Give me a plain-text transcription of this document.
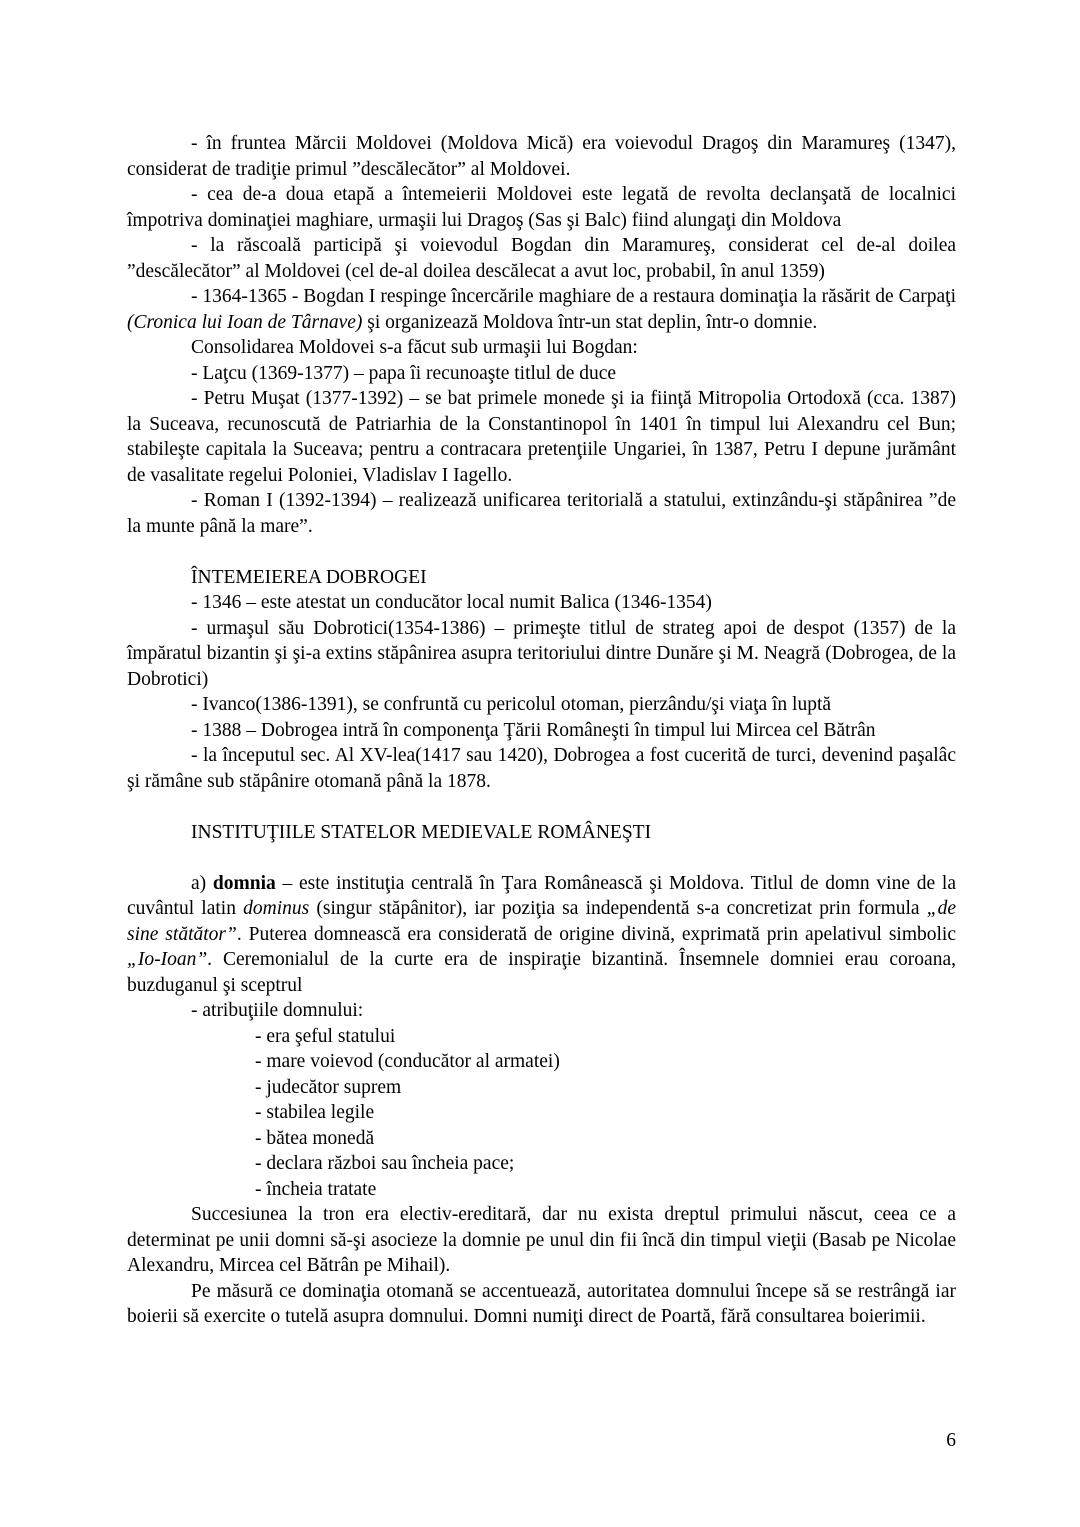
- în fruntea Mărcii Moldovei (Moldova Mică) era voievodul Dragoş din Maramureş (1347), considerat de tradiţie primul ”descălecător” al Moldovei.
- cea de-a doua etapă a întemeierii Moldovei este legată de revolta declanşată de localnici împotriva dominaţiei maghiare, urmaşii lui Dragoş (Sas şi Balc) fiind alungaţi din Moldova
- la răscoală participă şi voievodul Bogdan din Maramureş, considerat cel de-al doilea ”descălecător” al Moldovei (cel de-al doilea descălecat a avut loc, probabil, în anul 1359)
- 1364-1365 - Bogdan I respinge încercările maghiare de a restaura dominaţia la răsărit de Carpaţi (Cronica lui Ioan de Târnave) şi organizează Moldova într-un stat deplin, într-o domnie.
Consolidarea Moldovei s-a făcut sub urmaşii lui Bogdan:
- Laţcu (1369-1377) – papa îi recunoaşte titlul de duce
- Petru Muşat (1377-1392) – se bat primele monede şi ia fiinţă Mitropolia Ortodoxă (cca. 1387) la Suceava, recunoscută de Patriarhia de la Constantinopol în 1401 în timpul lui Alexandru cel Bun; stabileşte capitala la Suceava; pentru a contracara pretenţiile Ungariei, în 1387, Petru I depune jurământ de vasalitate regelui Poloniei, Vladislav I Iagello.
- Roman I (1392-1394) – realizează unificarea teritorială a statului, extinzându-şi stăpânirea ”de la munte până la mare”.
ÎNTEMEIEREA DOBROGEI
- 1346 – este atestat un conducător local numit Balica (1346-1354)
- urmaşul său Dobrotici(1354-1386) – primeşte titlul de strateg apoi de despot (1357) de la împăratul bizantin şi şi-a extins stăpânirea asupra teritoriului dintre Dunăre şi M. Neagră (Dobrogea, de la Dobrotici)
- Ivanco(1386-1391), se confruntă cu pericolul otoman, pierzându/şi viaţa în luptă
- 1388 – Dobrogea intră în componenţa Ţării Româneşti în timpul lui Mircea cel Bătrân
- la începutul sec. Al XV-lea(1417 sau 1420), Dobrogea a fost cucerită de turci, devenind paşalâc şi rămâne sub stăpânire otomană până la 1878.
INSTITUŢIILE STATELOR MEDIEVALE ROMÂNEŞTI
a) domnia – este instituţia centrală în Ţara Românească şi Moldova. Titlul de domn vine de la cuvântul latin dominus (singur stăpânitor), iar poziţia sa independentă s-a concretizat prin formula „de sine stătător”. Puterea domnească era considerată de origine divină, exprimată prin apelativul simbolic „Io-Ioan”. Ceremonialul de la curte era de inspiraţie bizantină. Însemnele domniei erau coroana, buzduganul şi sceptrul
- atribuţiile domnului:
- era şeful statului
- mare voievod (conducător al armatei)
- judecător suprem
- stabilea legile
- bătea monedă
- declara război sau încheia pace;
- încheia tratate
Succesiunea la tron era electiv-ereditară, dar nu exista dreptul primului născut, ceea ce a determinat pe unii domni să-şi asocieze la domnie pe unul din fii încă din timpul vieţii (Basab pe Nicolae Alexandru, Mircea cel Bătrân pe Mihail).
Pe măsură ce dominaţia otomană se accentuează, autoritatea domnului începe să se restrângă iar boierii să exercite o tutelă asupra domnului. Domni numiţi direct de Poartă, fără consultarea boierimii.
6
